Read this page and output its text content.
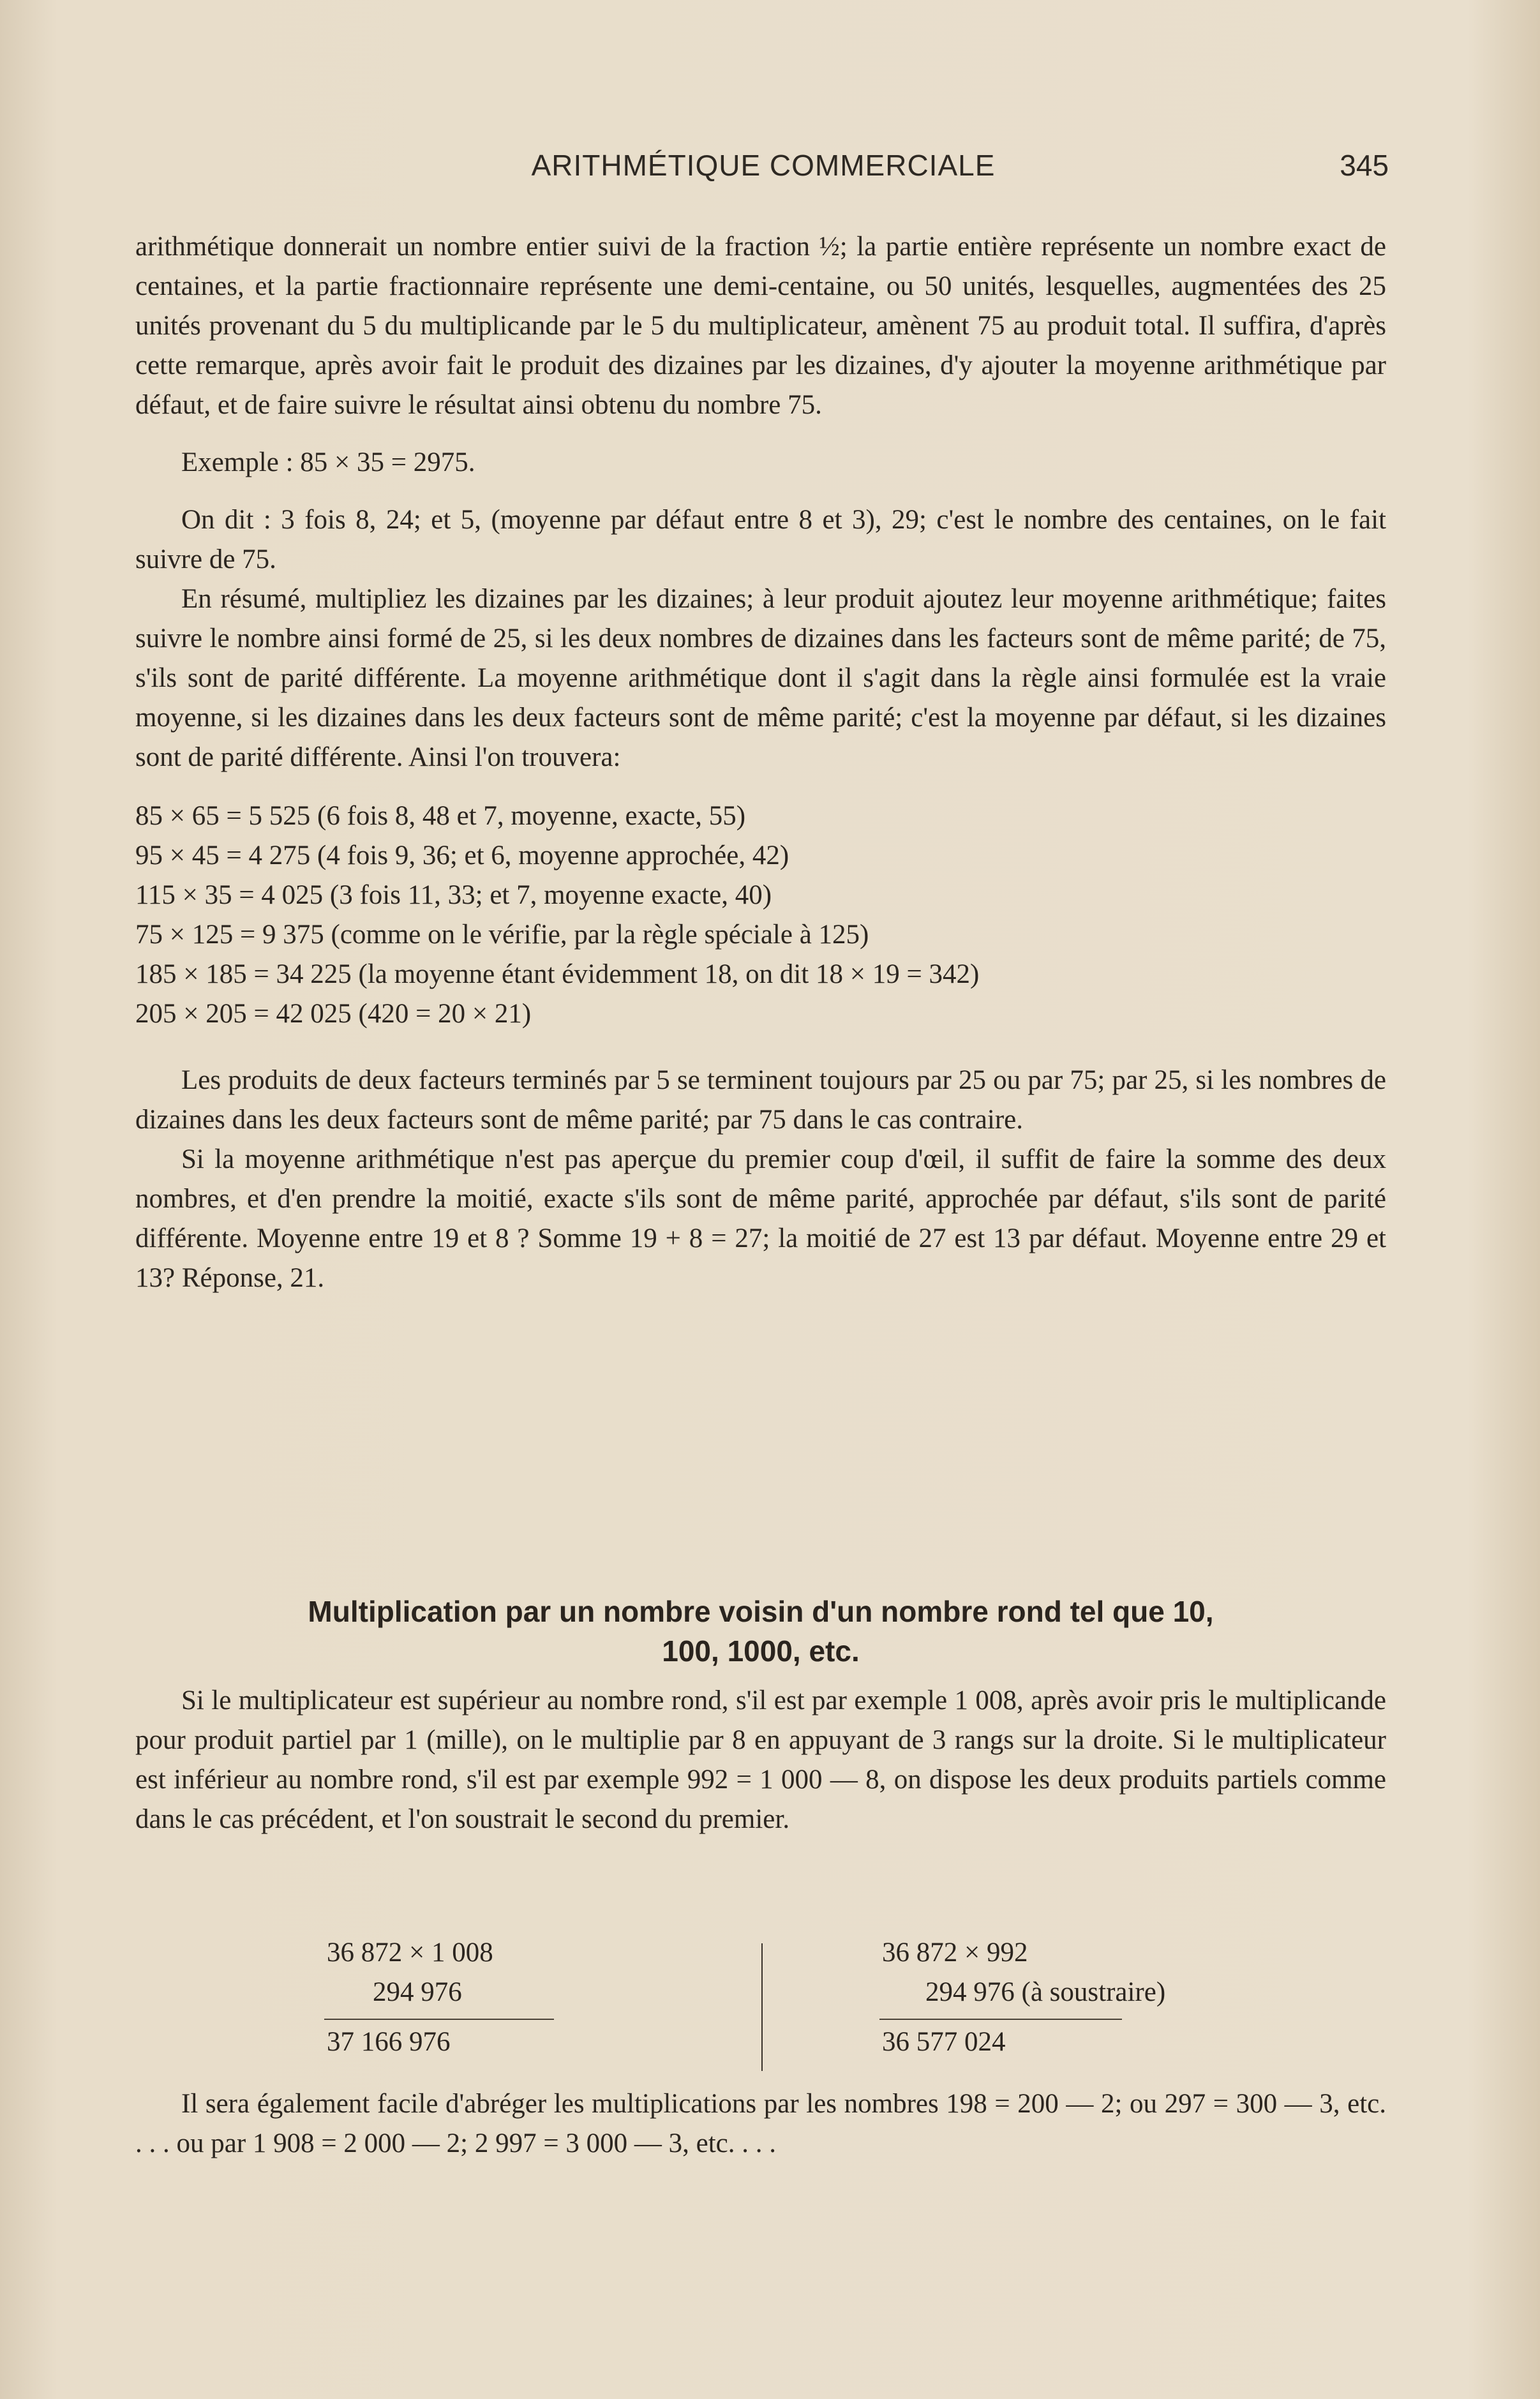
ARITHMÉTIQUE COMMERCIALE	345

arithmétique donnerait un nombre entier suivi de la fraction ½; la partie entière représente un nombre exact de centaines, et la partie fractionnaire représente une demi-centaine, ou 50 unités, lesquelles, augmentées des 25 unités provenant du 5 du multiplicande par le 5 du multiplicateur, amènent 75 au produit total. Il suffira, d'après cette remarque, après avoir fait le produit des dizaines par les dizaines, d'y ajouter la moyenne arithmétique par défaut, et de faire suivre le résultat ainsi obtenu du nombre 75.

Exemple : 85 × 35 = 2975.

On dit : 3 fois 8, 24; et 5, (moyenne par défaut entre 8 et 3), 29; c'est le nombre des centaines, on le fait suivre de 75.

En résumé, multipliez les dizaines par les dizaines; à leur produit ajoutez leur moyenne arithmétique; faites suivre le nombre ainsi formé de 25, si les deux nombres de dizaines dans les facteurs sont de même parité; de 75, s'ils sont de parité différente. La moyenne arithmétique dont il s'agit dans la règle ainsi formulée est la vraie moyenne, si les dizaines dans les deux facteurs sont de même parité; c'est la moyenne par défaut, si les dizaines sont de parité différente. Ainsi l'on trouvera:

85 × 65 = 5 525 (6 fois 8, 48 et 7, moyenne, exacte, 55)

95 × 45 = 4 275 (4 fois 9, 36; et 6, moyenne approchée, 42)

115 × 35 = 4 025 (3 fois 11, 33; et 7, moyenne exacte, 40)

75 × 125 = 9 375 (comme on le vérifie, par la règle spéciale à 125)

185 × 185 = 34 225 (la moyenne étant évidemment 18, on dit 18 × 19 = 342)

205 × 205 = 42 025 (420 = 20 × 21)

Les produits de deux facteurs terminés par 5 se terminent toujours par 25 ou par 75; par 25, si les nombres de dizaines dans les deux facteurs sont de même parité; par 75 dans le cas contraire.

Si la moyenne arithmétique n'est pas aperçue du premier coup d'œil, il suffit de faire la somme des deux nombres, et d'en prendre la moitié, exacte s'ils sont de même parité, approchée par défaut, s'ils sont de parité différente. Moyenne entre 19 et 8 ? Somme 19 + 8 = 27; la moitié de 27 est 13 par défaut. Moyenne entre 29 et 13? Réponse, 21.

Multiplication par un nombre voisin d'un nombre rond tel que 10,
100, 1000, etc.

Si le multiplicateur est supérieur au nombre rond, s'il est par exemple 1 008, après avoir pris le multiplicande pour produit partiel par 1 (mille), on le multiplie par 8 en appuyant de 3 rangs sur la droite. Si le multiplicateur est inférieur au nombre rond, s'il est par exemple 992 = 1 000 — 8, on dispose les deux produits partiels comme dans le cas précédent, et l'on soustrait le second du premier.

36 872 × 1 008
294 976
37 166 976
36 872 × 992
294 976 (à soustraire)
36 577 024

Il sera également facile d'abréger les multiplications par les nombres 198 = 200 — 2; ou 297 = 300 — 3, etc. . . . ou par 1 908 = 2 000 — 2; 2 997 = 3 000 — 3, etc. . . .
